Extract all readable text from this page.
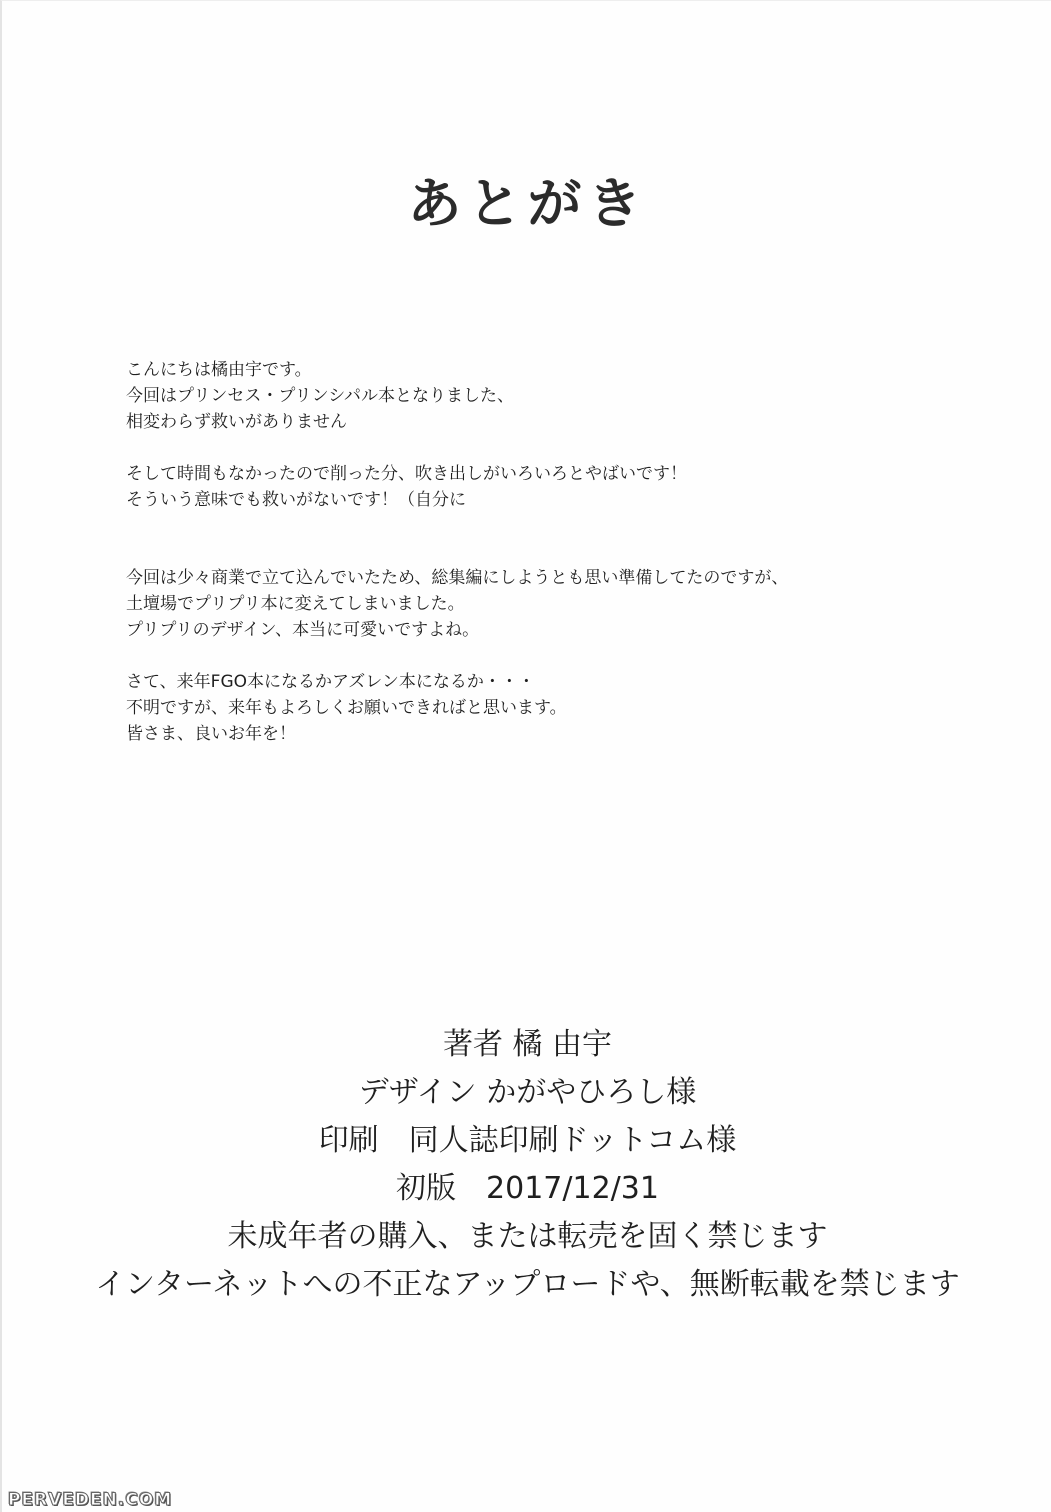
あとがき

こんにちは橘由宇です。
今回はプリンセス・プリンシパル本となりました、
相変わらず救いがありません

そして時間もなかったので削った分、吹き出しがいろいろとやばいです！
そういう意味でも救いがないです！（自分に

今回は少々商業で立て込んでいたため、総集編にしようとも思い準備してたのですが、
土壇場でプリプリ本に変えてしまいました。
プリプリのデザイン、本当に可愛いですよね。

さて、来年FGO本になるかアズレン本になるか・・・
不明ですが、来年もよろしくお願いできればと思います。
皆さま、良いお年を！

著者 橘 由宇
デザイン かがやひろし様
印刷　同人誌印刷ドットコム様
初版　2017/12/31
未成年者の購入、または転売を固く禁じます
インターネットへの不正なアップロードや、無断転載を禁じます
PERVEDEN.COM
